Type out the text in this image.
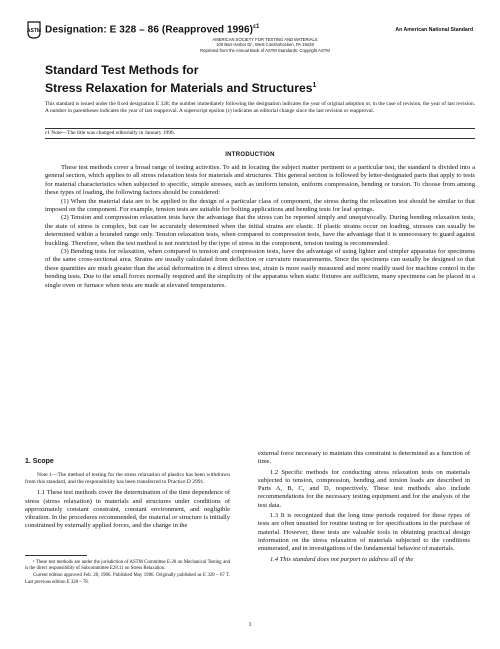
ASTM Designation: E 328 – 86 (Reapproved 1996)$^{\varepsilon 1}$	An American National Standard
AMERICAN SOCIETY FOR TESTING AND MATERIALS
100 Barr Harbor Dr., West Conshohocken, PA 19428
Reprinted from the Annual Book of ASTM Standards. Copyright ASTM
Standard Test Methods for
Stress Relaxation for Materials and Structures$^1$
This standard is issued under the fixed designation E 328; the number immediately following the designation indicates the year of original adoption or, in the case of revision, the year of last revision. A number in parentheses indicates the year of last reapproval. A superscript epsilon (ε) indicates an editorial change since the last revision or reapproval.
ε1 Note—The title was changed editorially in January 1996.
INTRODUCTION

These test methods cover a broad range of testing activities. To aid in locating the subject matter pertinent to a particular test, the standard is divided into a general section, which applies to all stress relaxation tests for materials and structures. This general section is followed by letter-designated parts that apply to tests for material characteristics when subjected to specific, simple stresses, such as uniform tension, uniform compression, bending or torsion. To choose from among these types of loading, the following factors should be considered:

(1) When the material data are to be applied to the design of a particular class of component, the stress during the relaxation test should be similar to that imposed on the component. For example, tension tests are suitable for bolting applications and bending tests for leaf springs.

(2) Tension and compression relaxation tests have the advantage that the stress can be reported simply and unequivocally. During bending relaxation tests, the state of stress is complex, but can be accurately determined when the initial strains are elastic. If plastic strains occur on loading, stresses can usually be determined within a bounded range only. Tension relaxation tests, when compared to compression tests, have the advantage that it is unnecessary to guard against buckling. Therefore, when the test method is not restricted by the type of stress in the component, tension testing is recommended.

(3) Bending tests for relaxation, when compared to tension and compression tests, have the advantage of using lighter and simpler apparatus for specimens of the same cross-sectional area. Strains are usually calculated from deflection or curvature measurements. Since the specimens can usually be designed so that these quantities are much greater than the axial deformation in a direct stress test, strain is more easily measured and more readily used for machine control in the bending tests. Due to the small forces normally required and the simplicity of the apparatus when static fixtures are sufficient, many specimens can be placed in a single oven or furnace when tests are made at elevated temperatures.

1. Scope

Note 1—The method of testing for the stress relaxation of plastics has been withdrawn from this standard, and the responsibility has been transferred to Practice D 2991.

1.1 These test methods cover the determination of the time dependence of stress (stress relaxation) in materials and structures under conditions of approximately constant constraint, constant environment, and negligible vibration. In the procedures recommended, the material or structure is initially constrained by externally applied forces, and the change in the

¹ These test methods are under the jurisdiction of ASTM Committee E-28 on Mechanical Testing and is the direct responsibility of Subcommittee E28.11 on Stress Relaxation.

Current edition approved Feb. 28, 1986. Published May 1986. Originally published as E 328 – 67 T. Last previous edition E 328 – 78.

external force necessary to maintain this constraint is determined as a function of time.

1.2 Specific methods for conducting stress relaxation tests on materials subjected to tension, compression, bending and torsion loads are described in Parts A, B, C, and D, respectively. These test methods also include recommendations for the necessary testing equipment and for the analysis of the test data.

1.3 It is recognized that the long time periods required for these types of tests are often unsuited for routine testing or for specifications in the purchase of material. However, these tests are valuable tools in obtaining practical design information on the stress relaxation of materials subjected to the conditions enumerated, and in investigations of the fundamental behavior of materials.

1.4 This standard does not purport to address all of the

1
